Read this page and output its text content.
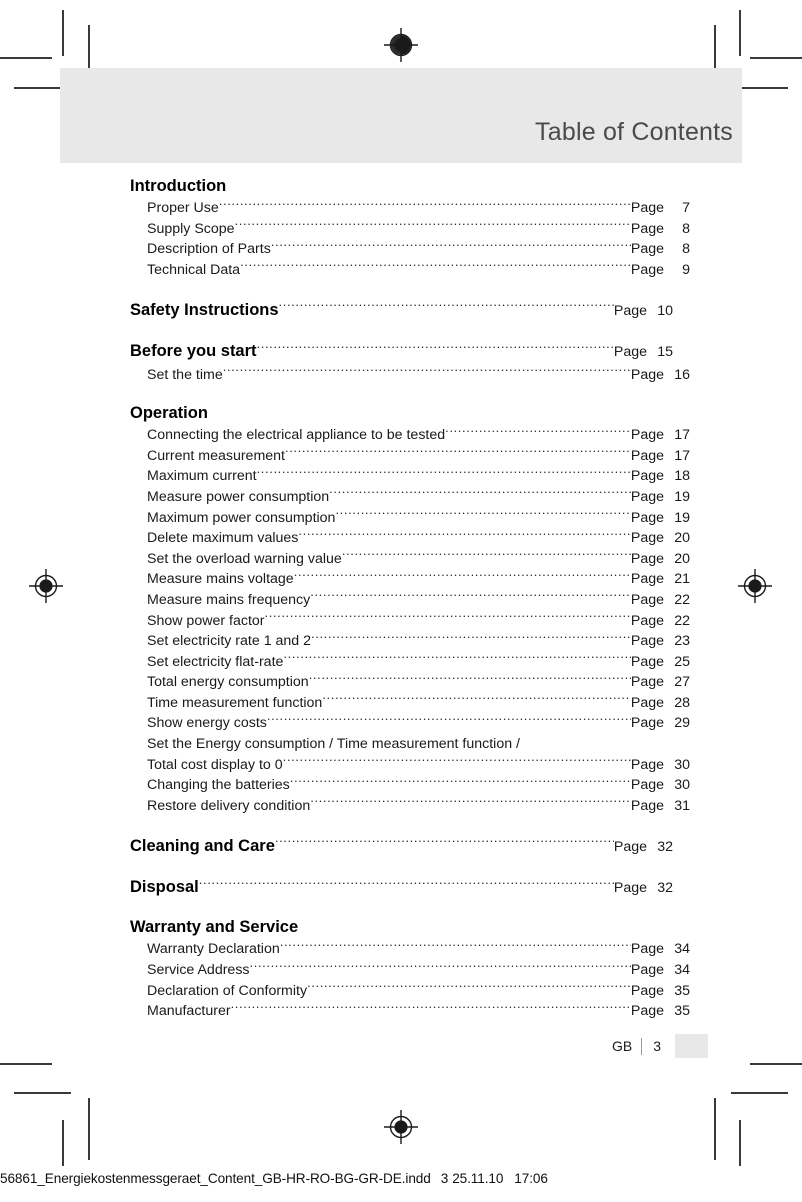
Table of Contents
Introduction
Proper Use .....	Page	7
Supply Scope .....	Page	8
Description of Parts .....	Page	8
Technical Data .....	Page	9
Safety Instructions .....	Page 10
Before you start .....	Page 15
Set the time .....	Page 16
Operation
Connecting the electrical appliance to be tested .....	Page 17
Current measurement .....	Page 17
Maximum current .....	Page 18
Measure power consumption .....	Page 19
Maximum power consumption .....	Page 19
Delete maximum values .....	Page 20
Set the overload warning value .....	Page 20
Measure mains voltage .....	Page 21
Measure mains frequency .....	Page 22
Show power factor .....	Page 22
Set electricity rate 1 and 2 .....	Page 23
Set electricity flat-rate .....	Page 25
Total energy consumption .....	Page 27
Time measurement function .....	Page 28
Show energy costs .....	Page 29
Set the Energy consumption / Time measurement function /
Total cost display to 0 .....	Page 30
Changing the batteries .....	Page 30
Restore delivery condition .....	Page 31
Cleaning and Care .....	Page 32
Disposal .....	Page 32
Warranty and Service
Warranty Declaration .....	Page 34
Service Address .....	Page 34
Declaration of Conformity .....	Page 35
Manufacturer .....	Page 35
GB	3
56861_Energiekostenmessgeraet_Content_GB-HR-RO-BG-GR-DE.indd 3 25.11.10 17:06
